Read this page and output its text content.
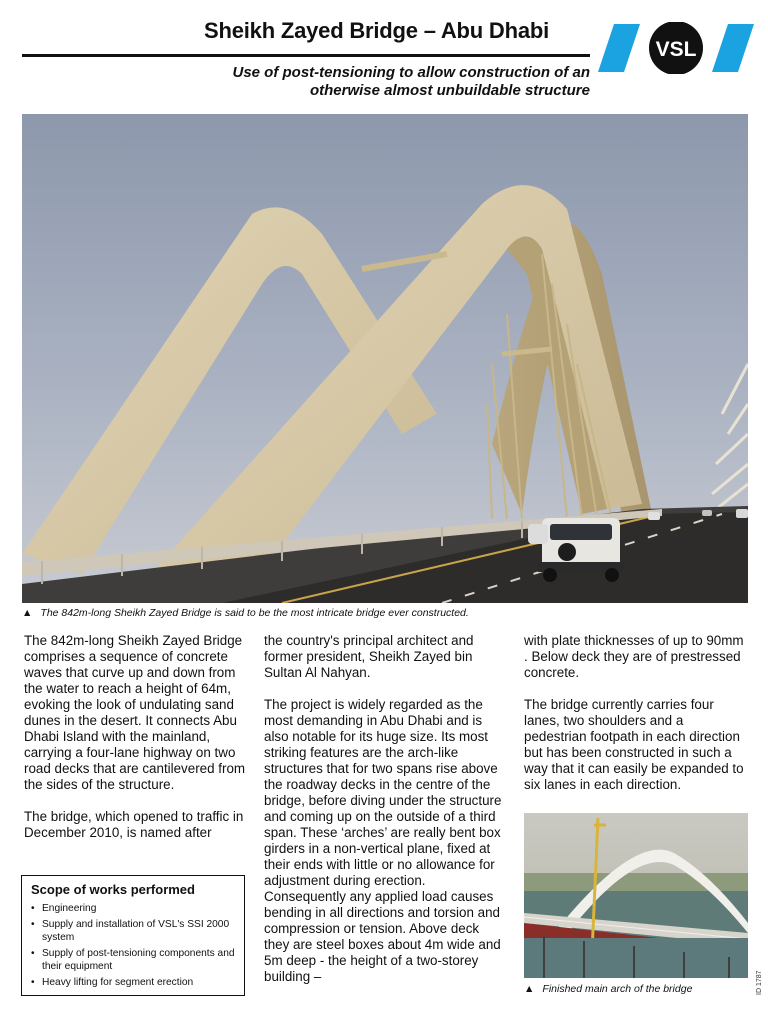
Sheikh Zayed Bridge – Abu Dhabi
Use of post-tensioning to allow construction of an otherwise almost unbuildable structure
VSL
▲ The 842m-long Sheikh Zayed Bridge is said to be the most intricate bridge ever constructed.

The 842m-long Sheikh Zayed Bridge comprises a sequence of concrete waves that curve up and down from the water to reach a height of 64m, evoking the look of undulating sand dunes in the desert. It connects Abu Dhabi Island with the mainland, carrying a four-lane highway on two road decks that are cantilevered from the sides of the structure.

The bridge, which opened to traffic in December 2010, is named after

the country's principal architect and former president, Sheikh Zayed bin Sultan Al Nahyan.

The project is widely regarded as the most demanding in Abu Dhabi and is also notable for its huge size. Its most striking features are the arch-like structures that for two spans rise above the roadway decks in the centre of the bridge, before diving under the structure and coming up on the outside of a third span. These ‘arches’ are really bent box girders in a non-vertical plane, fixed at their ends with little or no allowance for adjustment during erection. Consequently any applied load causes bending in all directions and torsion and compression or tension. Above deck they are steel boxes about 4m wide and 5m deep - the height of a two-storey building –

with plate thicknesses of up to 90mm . Below deck they are of prestressed concrete.

The bridge currently carries four lanes, two shoulders and a pedestrian footpath in each direction but has been constructed in such a way that it can easily be expanded to six lanes in each direction.

Scope of works performed
• Engineering
• Supply and installation of VSL's SSI 2000 system
• Supply of post-tensioning components and their equipment
• Heavy lifting for segment erection
▲ Finished main arch of the bridge	ID 1787
